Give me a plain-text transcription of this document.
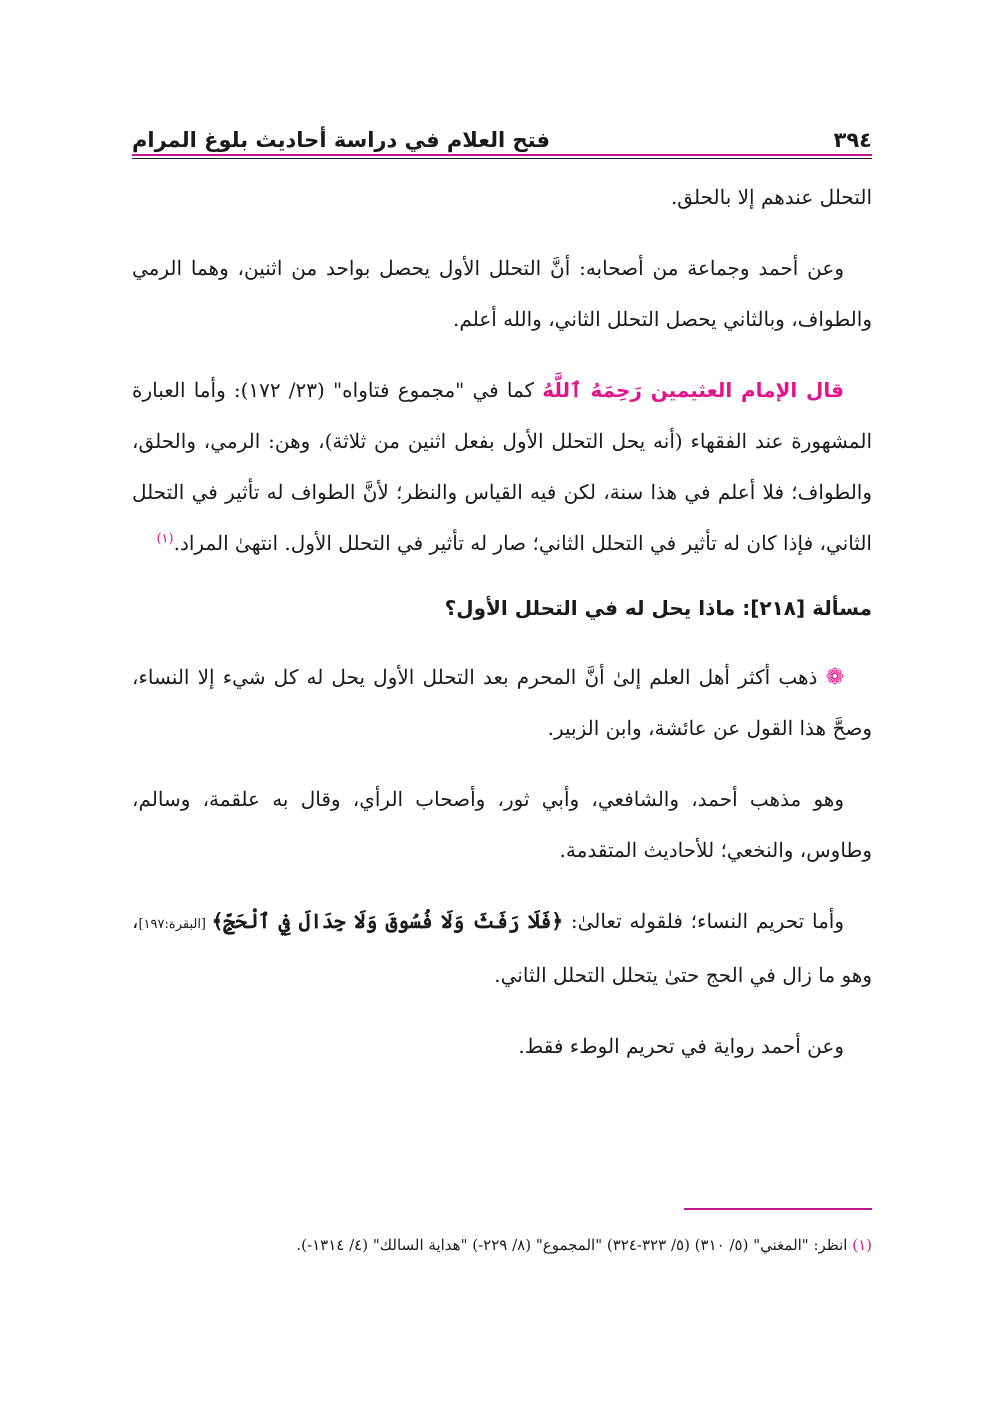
٣٩٤
فتح العلام في دراسة أحاديث بلوغ المرام

التحلل عندهم إلا بالحلق.

وعن أحمد وجماعة من أصحابه: أنَّ التحلل الأول يحصل بواحد من اثنين، وهما الرمي والطواف، وبالثاني يحصل التحلل الثاني، والله أعلم.

قال الإمام العثيمين رَحِمَهُ ٱللَّهُ كما في "مجموع فتاواه" (٢٣/ ١٧٢): وأما العبارة المشهورة عند الفقهاء (أنه يحل التحلل الأول بفعل اثنين من ثلاثة)، وهن: الرمي، والحلق، والطواف؛ فلا أعلم في هذا سنة، لكن فيه القياس والنظر؛ لأنَّ الطواف له تأثير في التحلل الثاني، فإذا كان له تأثير في التحلل الثاني؛ صار له تأثير في التحلل الأول. انتهىٰ المراد.$^{(١)}$

مسألة [٢١٨]: ماذا يحل له في التحلل الأول؟

❁ ذهب أكثر أهل العلم إلىٰ أنَّ المحرم بعد التحلل الأول يحل له كل شيء إلا النساء، وصحَّ هذا القول عن عائشة، وابن الزبير.

وهو مذهب أحمد، والشافعي، وأبي ثور، وأصحاب الرأي، وقال به علقمة، وسالم، وطاوس، والنخعي؛ للأحاديث المتقدمة.

وأما تحريم النساء؛ فلقوله تعالىٰ: ﴿فَلَا رَفَثَ وَلَا فُسُوقَ وَلَا جِدَالَ فِي ٱلْحَجِّ﴾ [البقرة:١٩٧]، وهو ما زال في الحج حتىٰ يتحلل التحلل الثاني.

وعن أحمد رواية في تحريم الوطء فقط.

(١) انظر: "المغني" (٥/ ٣١٠) (٥/ ٣٢٣-٣٢٤) "المجموع" (٨/ ٢٢٩-) "هداية السالك" (٤/ ١٣١٤-).
